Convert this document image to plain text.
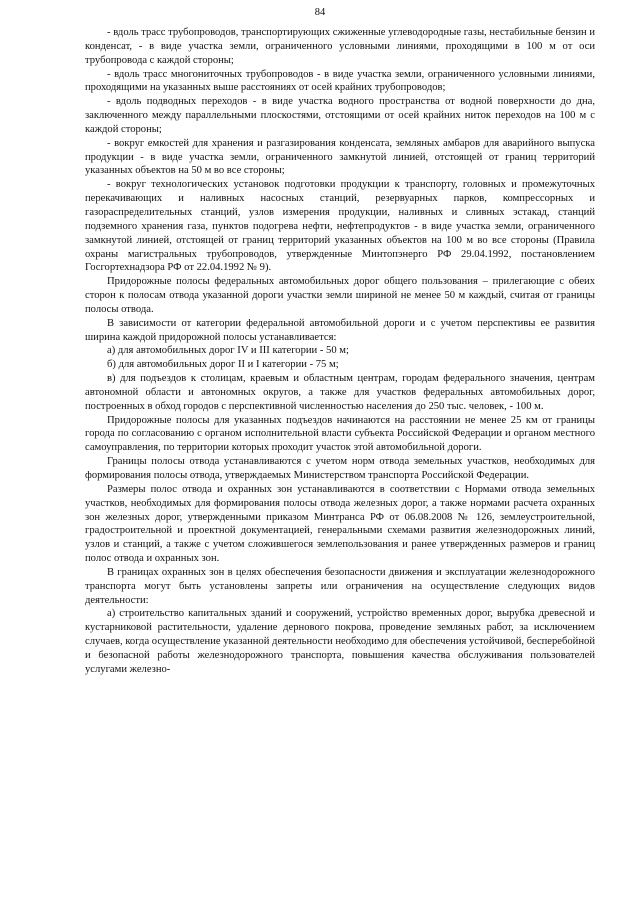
84

- вдоль трасс трубопроводов, транспортирующих сжиженные углеводородные газы, нестабильные бензин и конденсат, - в виде участка земли, ограниченного условными линиями, проходящими в 100 м от оси трубопровода с каждой стороны;

- вдоль трасс многониточных трубопроводов - в виде участка земли, ограниченного условными линиями, проходящими на указанных выше расстояниях от осей крайних трубопроводов;

- вдоль подводных переходов - в виде участка водного пространства от водной поверхности до дна, заключенного между параллельными плоскостями, отстоящими от осей крайних ниток переходов на 100 м с каждой стороны;

- вокруг емкостей для хранения и разгазирования конденсата, земляных амбаров для аварийного выпуска продукции - в виде участка земли, ограниченного замкнутой линией, отстоящей от границ территорий указанных объектов на 50 м во все стороны;

- вокруг технологических установок подготовки продукции к транспорту, головных и промежуточных перекачивающих и наливных насосных станций, резервуарных парков, компрессорных и газораспределительных станций, узлов измерения продукции, наливных и сливных эстакад, станций подземного хранения газа, пунктов подогрева нефти, нефтепродуктов - в виде участка земли, ограниченного замкнутой линией, отстоящей от границ территорий указанных объектов на 100 м во все стороны (Правила охраны магистральных трубопроводов, утвержденные Минтопэнерго РФ 29.04.1992, постановлением Госгортехнадзора РФ от 22.04.1992 № 9).

Придорожные полосы федеральных автомобильных дорог общего пользования – прилегающие с обеих сторон к полосам отвода указанной дороги участки земли шириной не менее 50 м каждый, считая от границы полосы отвода.

В зависимости от категории федеральной автомобильной дороги и с учетом перспективы ее развития ширина каждой придорожной полосы устанавливается:

а) для автомобильных дорог IV и III категории - 50 м;

б) для автомобильных дорог II и I категории - 75 м;

в) для подъездов к столицам, краевым и областным центрам, городам федерального значения, центрам автономной области и автономных округов, а также для участков федеральных автомобильных дорог, построенных в обход городов с перспективной численностью населения до 250 тыс. человек, - 100 м.

Придорожные полосы для указанных подъездов начинаются на расстоянии не менее 25 км от границы города по согласованию с органом исполнительной власти субъекта Российской Федерации и органом местного самоуправления, по территории которых проходит участок этой автомобильной дороги.

Границы полосы отвода устанавливаются с учетом норм отвода земельных участков, необходимых для формирования полосы отвода, утверждаемых Министерством транспорта Российской Федерации.

Размеры полос отвода и охранных зон устанавливаются в соответствии с Нормами отвода земельных участков, необходимых для формирования полосы отвода железных дорог, а также нормами расчета охранных зон железных дорог, утвержденными приказом Минтранса РФ от 06.08.2008 № 126, землеустроительной, градостроительной и проектной документацией, генеральными схемами развития железнодорожных линий, узлов и станций, а также с учетом сложившегося землепользования и ранее утвержденных размеров и границ полос отвода и охранных зон.

В границах охранных зон в целях обеспечения безопасности движения и эксплуатации железнодорожного транспорта могут быть установлены запреты или ограничения на осуществление следующих видов деятельности:

а) строительство капитальных зданий и сооружений, устройство временных дорог, вырубка древесной и кустарниковой растительности, удаление дернового покрова, проведение земляных работ, за исключением случаев, когда осуществление указанной деятельности необходимо для обеспечения устойчивой, бесперебойной и безопасной работы железнодорожного транспорта, повышения качества обслуживания пользователей услугами железно-
